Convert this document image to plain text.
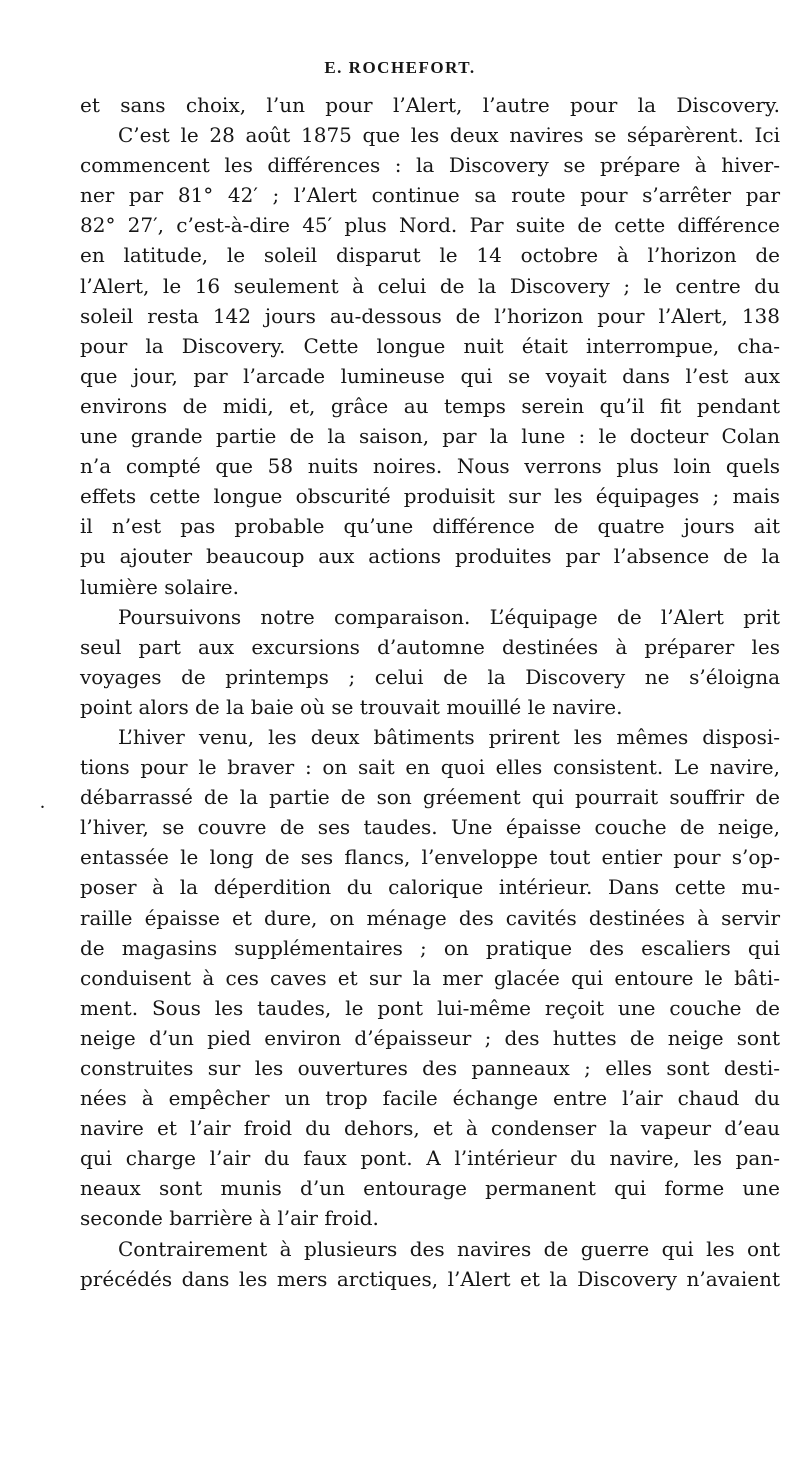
E. ROCHEFORT.
.
et sans choix, l’un pour l’Alert, l’autre pour la Discovery.
C’est le 28 août 1875 que les deux navires se séparèrent. Ici
commencent les différences : la Discovery se prépare à hiver-
ner par 81° 42′ ; l’Alert continue sa route pour s’arrêter par
82° 27′, c’est-à-dire 45′ plus Nord. Par suite de cette différence
en latitude, le soleil disparut le 14 octobre à l’horizon de
l’Alert, le 16 seulement à celui de la Discovery ; le centre du
soleil resta 142 jours au-dessous de l’horizon pour l’Alert, 138
pour la Discovery. Cette longue nuit était interrompue, cha-
que jour, par l’arcade lumineuse qui se voyait dans l’est aux
environs de midi, et, grâce au temps serein qu’il fit pendant
une grande partie de la saison, par la lune : le docteur Colan
n’a compté que 58 nuits noires. Nous verrons plus loin quels
effets cette longue obscurité produisit sur les équipages ; mais
il n’est pas probable qu’une différence de quatre jours ait
pu ajouter beaucoup aux actions produites par l’absence de la
lumière solaire.
Poursuivons notre comparaison. L’équipage de l’Alert prit
seul part aux excursions d’automne destinées à préparer les
voyages de printemps ; celui de la Discovery ne s’éloigna
point alors de la baie où se trouvait mouillé le navire.
L’hiver venu, les deux bâtiments prirent les mêmes disposi-
tions pour le braver : on sait en quoi elles consistent. Le navire,
débarrassé de la partie de son gréement qui pourrait souffrir de
l’hiver, se couvre de ses taudes. Une épaisse couche de neige,
entassée le long de ses flancs, l’enveloppe tout entier pour s’op-
poser à la déperdition du calorique intérieur. Dans cette mu-
raille épaisse et dure, on ménage des cavités destinées à servir
de magasins supplémentaires ; on pratique des escaliers qui
conduisent à ces caves et sur la mer glacée qui entoure le bâti-
ment. Sous les taudes, le pont lui-même reçoit une couche de
neige d’un pied environ d’épaisseur ; des huttes de neige sont
construites sur les ouvertures des panneaux ; elles sont desti-
nées à empêcher un trop facile échange entre l’air chaud du
navire et l’air froid du dehors, et à condenser la vapeur d’eau
qui charge l’air du faux pont. A l’intérieur du navire, les pan-
neaux sont munis d’un entourage permanent qui forme une
seconde barrière à l’air froid.
Contrairement à plusieurs des navires de guerre qui les ont
précédés dans les mers arctiques, l’Alert et la Discovery n’avaient
